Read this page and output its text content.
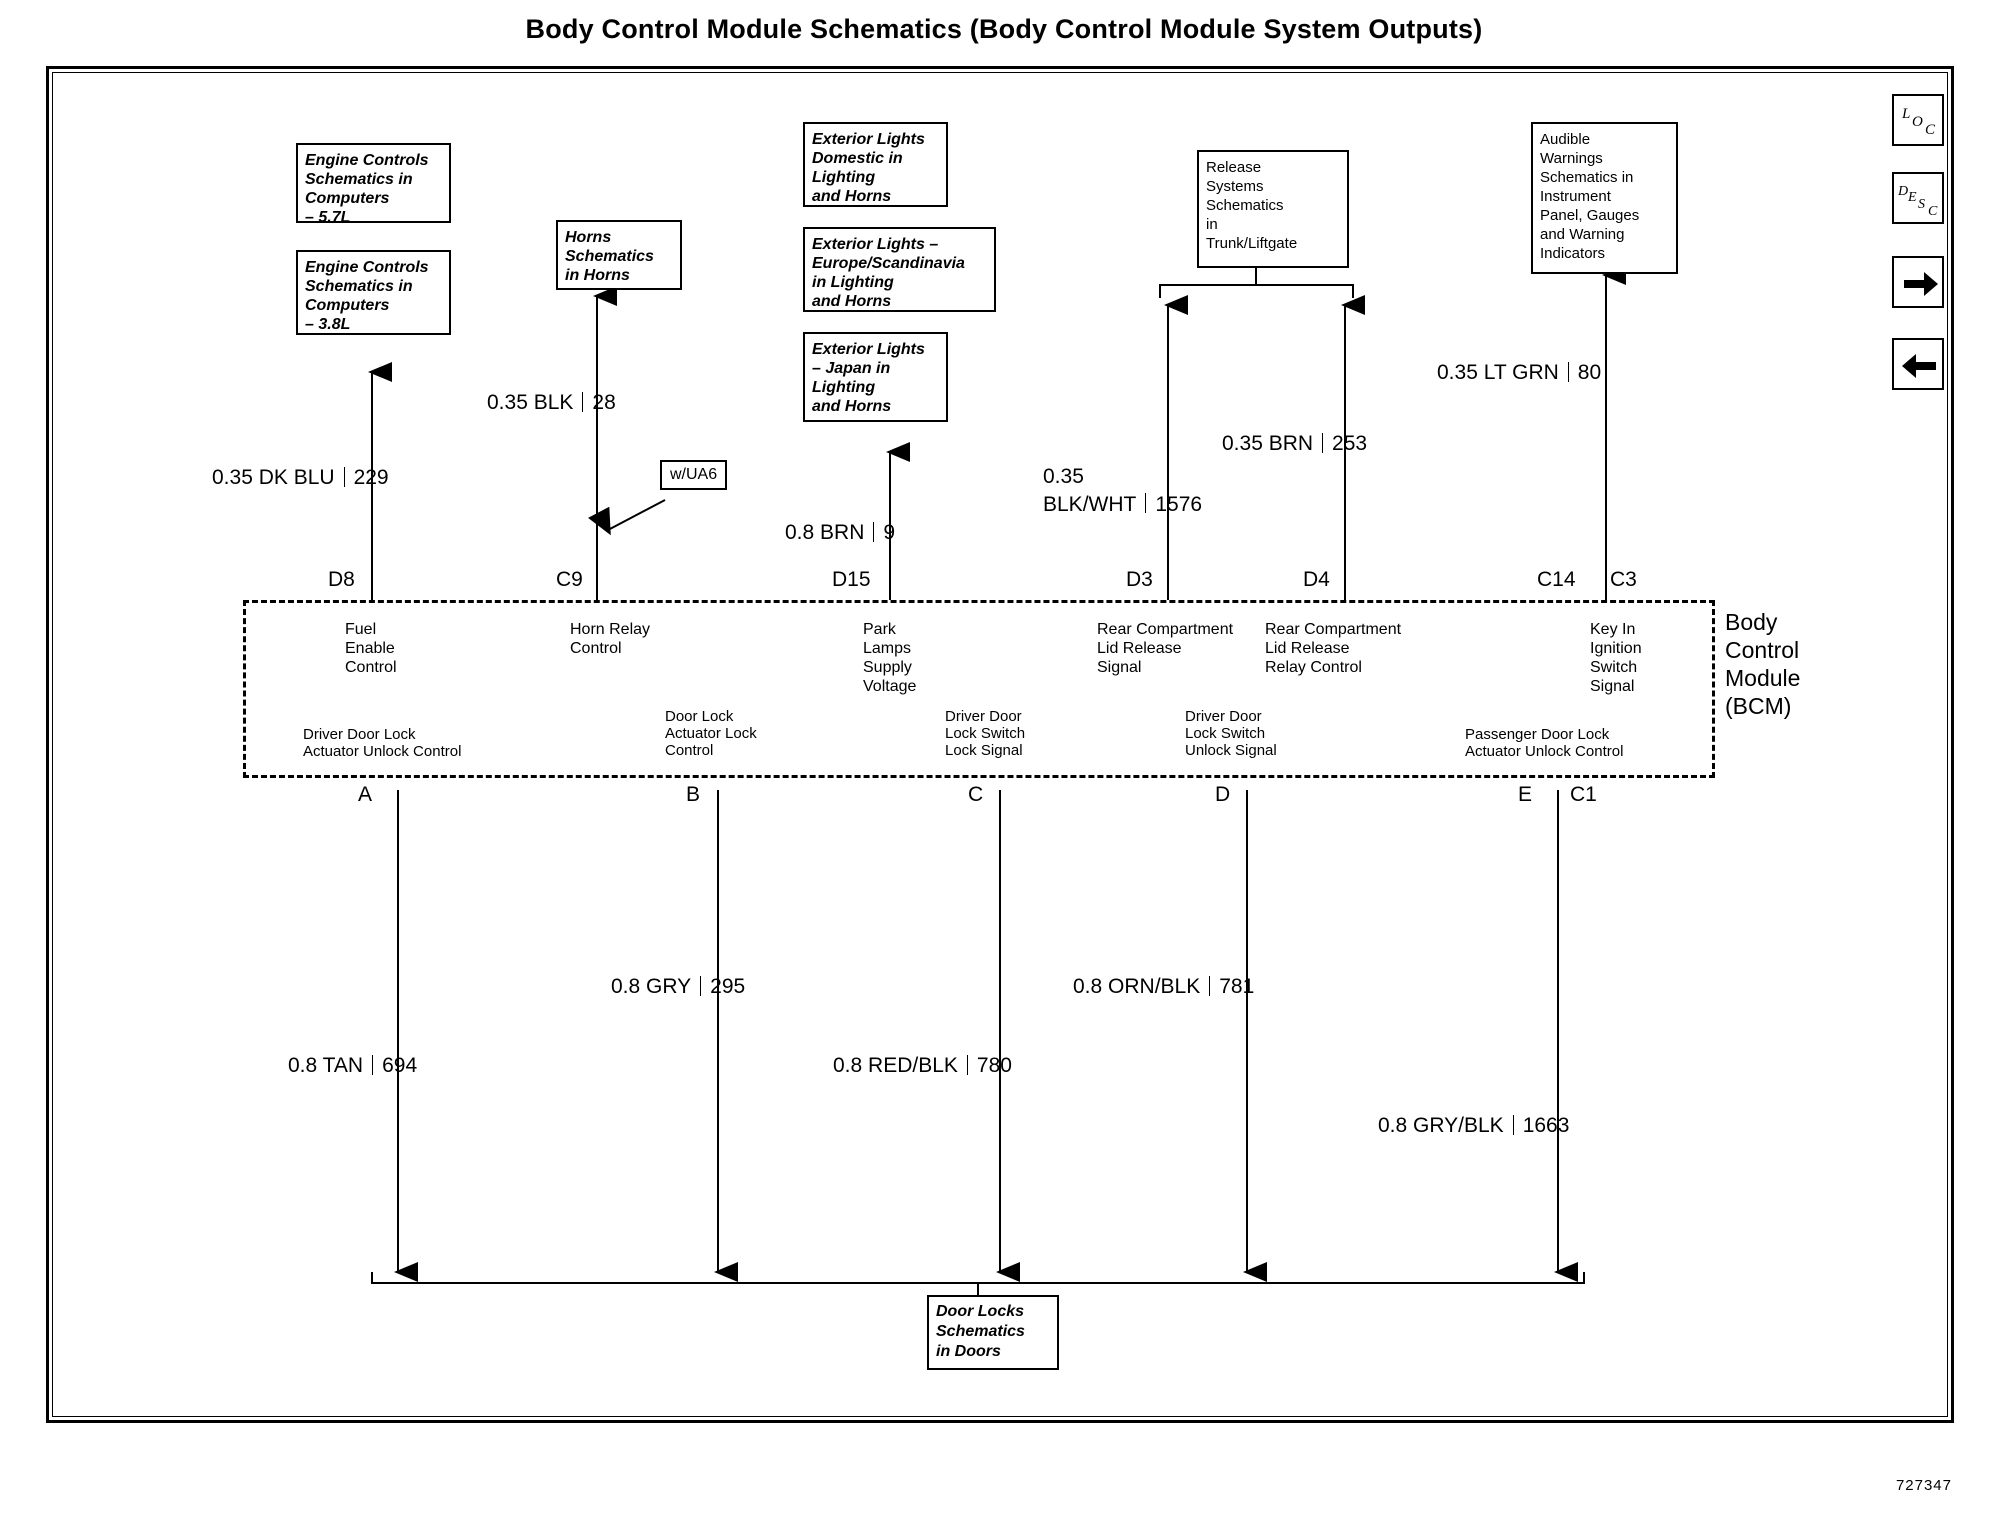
Body Control Module Schematics (Body Control Module System Outputs)
Engine Controls
Schematics in
Computers
– 5.7L
Engine Controls
Schematics in
Computers
– 3.8L
Horns
Schematics
in Horns
Exterior Lights
Domestic in
Lighting
and Horns
Exterior Lights –
Europe/Scandinavia
in Lighting
and Horns
Exterior Lights
– Japan in
Lighting
and Horns
Release
Systems
Schematics
in
Trunk/Liftgate
Audible
Warnings
Schematics in
Instrument
Panel, Gauges
and Warning
Indicators
w/UA6
0.35 DK BLU 229
0.35 BLK 28
0.8 BRN 9
0.35
BLK/WHT 1576
0.35 BRN 253
0.35 LT GRN 80
D8	C9	D15	D3	D4	C14 C3
Body
Control
Module
(BCM)
Fuel
Enable
Control
Horn Relay
Control
Park
Lamps
Supply
Voltage
Rear Compartment
Lid Release
Signal
Rear Compartment
Lid Release
Relay Control
Key In
Ignition
Switch
Signal
Driver Door Lock
Actuator Unlock Control
Door Lock
Actuator Lock
Control
Driver Door
Lock Switch
Lock Signal
Driver Door
Lock Switch
Unlock Signal
Passenger Door Lock
Actuator Unlock Control
A	B	C	D	E C1
0.8 TAN 694
0.8 GRY 295
0.8 RED/BLK 780
0.8 ORN/BLK 781
0.8 GRY/BLK 1663
Door Locks
Schematics
in Doors
L O C
D E S C
727347
